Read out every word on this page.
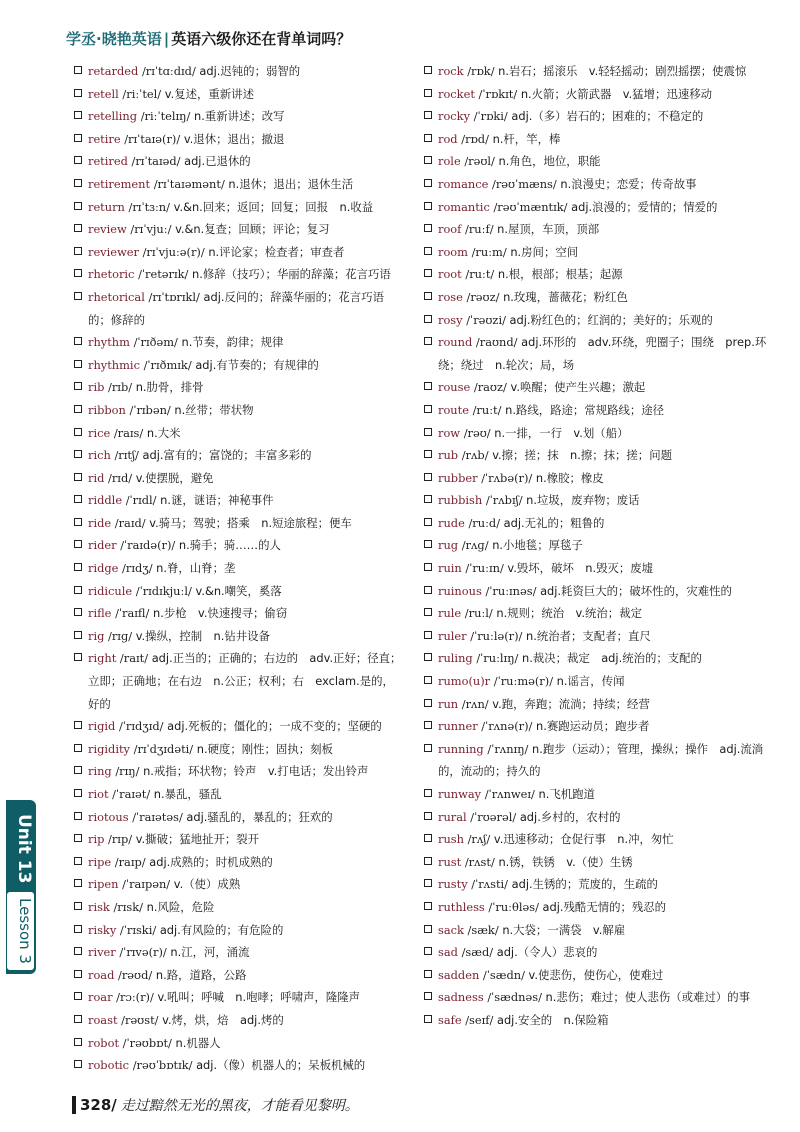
学丞·晓艳英语 | 英语六级你还在背单词吗？
retarded /rɪˈtɑːdɪd/ adj.迟钝的；弱智的
retell /riːˈtel/ v.复述，重新讲述
retelling /riːˈtelɪŋ/ n.重新讲述；改写
retire /rɪˈtaɪə(r)/ v.退休；退出；撤退
retired /rɪˈtaɪəd/ adj.已退休的
retirement /rɪˈtaɪəmənt/ n.退休；退出；退休生活
return /rɪˈtɜːn/ v.&n.回来；返回；回复；回报　n.收益
review /rɪˈvjuː/ v.&n.复查；回顾；评论；复习
reviewer /rɪˈvjuːə(r)/ n.评论家；检查者；审查者
rhetoric /ˈretərɪk/ n.修辞（技巧）；华丽的辞藻；花言巧语
rhetorical /rɪˈtɒrɪkl/ adj.反问的；辞藻华丽的；花言巧语的；修辞的
rhythm /ˈrɪðəm/ n.节奏，韵律；规律
rhythmic /ˈrɪðmɪk/ adj.有节奏的；有规律的
rib /rɪb/ n.肋骨，排骨
ribbon /ˈrɪbən/ n.丝带；带状物
rice /raɪs/ n.大米
rich /rɪtʃ/ adj.富有的；富饶的；丰富多彩的
rid /rɪd/ v.使摆脱，避免
riddle /ˈrɪdl/ n.谜，谜语；神秘事件
ride /raɪd/ v.骑马；驾驶；搭乘　n.短途旅程；便车
rider /ˈraɪdə(r)/ n.骑手；骑……的人
ridge /rɪdʒ/ n.脊，山脊；垄
ridicule /ˈrɪdɪkjuːl/ v.&n.嘲笑，奚落
rifle /ˈraɪfl/ n.步枪　v.快速搜寻；偷窃
rig /rɪɡ/ v.操纵，控制　n.钻井设备
right /raɪt/ adj.正当的；正确的；右边的　adv.正好；径直；立即；正确地；在右边　n.公正；权利；右　exclam.是的，好的
rigid /ˈrɪdʒɪd/ adj.死板的；僵化的；一成不变的；坚硬的
rigidity /rɪˈdʒɪdəti/ n.硬度；刚性；固执；刻板
ring /rɪŋ/ n.戒指；环状物；铃声　v.打电话；发出铃声
riot /ˈraɪət/ n.暴乱，骚乱
riotous /ˈraɪətəs/ adj.骚乱的，暴乱的；狂欢的
rip /rɪp/ v.撕破；猛地扯开；裂开
ripe /raɪp/ adj.成熟的；时机成熟的
ripen /ˈraɪpən/ v.（使）成熟
risk /rɪsk/ n.风险，危险
risky /ˈrɪski/ adj.有风险的；有危险的
river /ˈrɪvə(r)/ n.江，河，涌流
road /rəʊd/ n.路，道路，公路
roar /rɔː(r)/ v.吼叫；呼喊　n.咆哮；呼啸声，隆隆声
roast /rəʊst/ v.烤，烘，焙　adj.烤的
robot /ˈrəʊbɒt/ n.机器人
robotic /rəʊˈbɒtɪk/ adj.（像）机器人的；呆板机械的
rock /rɒk/ n.岩石；摇滚乐　v.轻轻摇动；剧烈摇摆；使震惊
rocket /ˈrɒkɪt/ n.火箭；火箭武器　v.猛增；迅速移动
rocky /ˈrɒki/ adj.（多）岩石的；困难的；不稳定的
rod /rɒd/ n.杆，竿，棒
role /rəʊl/ n.角色，地位，职能
romance /rəʊˈmæns/ n.浪漫史；恋爱；传奇故事
romantic /rəʊˈmæntɪk/ adj.浪漫的；爱情的；情爱的
roof /ruːf/ n.屋顶，车顶，顶部
room /ruːm/ n.房间；空间
root /ruːt/ n.根，根部；根基；起源
rose /rəʊz/ n.玫瑰，蔷薇花；粉红色
rosy /ˈrəʊzi/ adj.粉红色的；红润的；美好的；乐观的
round /raʊnd/ adj.环形的　adv.环绕，兜圈子；围绕　prep.环绕；绕过　n.轮次；局，场
rouse /raʊz/ v.唤醒；使产生兴趣；激起
route /ruːt/ n.路线，路途；常规路线；途径
row /rəʊ/ n.一排，一行　v.划（船）
rub /rʌb/ v.擦；搓；抹　n.擦；抹；搓；问题
rubber /ˈrʌbə(r)/ n.橡胶；橡皮
rubbish /ˈrʌbɪʃ/ n.垃圾，废弃物；废话
rude /ruːd/ adj.无礼的；粗鲁的
rug /rʌɡ/ n.小地毯；厚毯子
ruin /ˈruːɪn/ v.毁坏，破坏　n.毁灭；废墟
ruinous /ˈruːɪnəs/ adj.耗资巨大的；破坏性的，灾难性的
rule /ruːl/ n.规则；统治　v.统治；裁定
ruler /ˈruːlə(r)/ n.统治者；支配者；直尺
ruling /ˈruːlɪŋ/ n.裁决；裁定　adj.统治的；支配的
rumo(u)r /ˈruːmə(r)/ n.谣言，传闻
run /rʌn/ v.跑，奔跑；流淌；持续；经营
runner /ˈrʌnə(r)/ n.赛跑运动员；跑步者
running /ˈrʌnɪŋ/ n.跑步（运动）；管理，操纵；操作　adj.流淌的，流动的；持久的
runway /ˈrʌnweɪ/ n.飞机跑道
rural /ˈrʊərəl/ adj.乡村的，农村的
rush /rʌʃ/ v.迅速移动；仓促行事　n.冲，匆忙
rust /rʌst/ n.锈，铁锈　v.（使）生锈
rusty /ˈrʌsti/ adj.生锈的；荒废的，生疏的
ruthless /ˈruːθləs/ adj.残酷无情的；残忍的
sack /sæk/ n.大袋；一满袋　v.解雇
sad /sæd/ adj.（令人）悲哀的
sadden /ˈsædn/ v.使悲伤，使伤心，使难过
sadness /ˈsædnəs/ n.悲伤；难过；使人悲伤（或难过）的事
safe /seɪf/ adj.安全的　n.保险箱
Unit 13
Lesson 3
328/ 走过黯然无光的黑夜，才能看见黎明。
